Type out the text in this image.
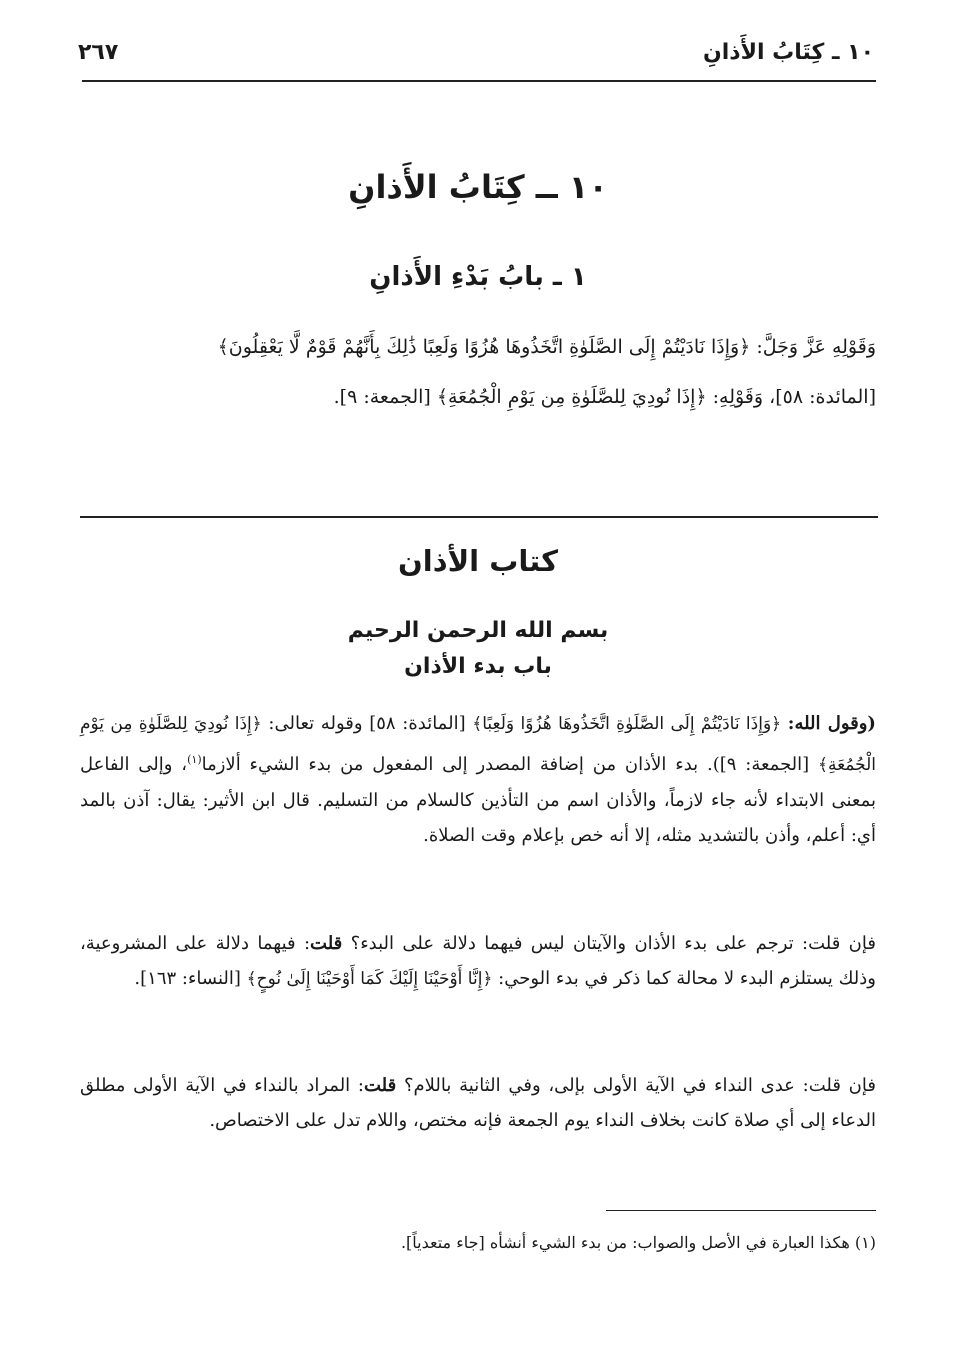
١٠ ـ كِتَابُ الأَذانِ
٢٦٧
١٠ ــ كِتَابُ الأَذانِ
١ ـ بابُ بَدْءِ الأَذانِ
وَقَوْلِهِ عَزَّ وَجَلَّ: ﴿وَإِذَا نَادَيْتُمْ إِلَى الصَّلَوٰةِ اتَّخَذُوهَا هُزُوًا وَلَعِبًا ذَٰلِكَ بِأَنَّهُمْ قَوْمٌ لَّا يَعْقِلُونَ﴾
[المائدة: ٥٨]، وَقَوْلِهِ: ﴿إِذَا نُودِيَ لِلصَّلَوٰةِ مِن يَوْمِ الْجُمُعَةِ﴾ [الجمعة: ٩].
كتاب الأذان
بسم الله الرحمن الرحيم
باب بدء الأذان
(وقول الله: ﴿وَإِذَا نَادَيْتُمْ إِلَى الصَّلَوٰةِ اتَّخَذُوهَا هُزُوًا وَلَعِبًا﴾ [المائدة: ٥٨] وقوله تعالى: ﴿إِذَا نُودِيَ لِلصَّلَوٰةِ مِن يَوْمِ الْجُمُعَةِ﴾ [الجمعة: ٩]). بدء الأذان من إضافة المصدر إلى المفعول من بدء الشيء ألازما$^{(١)}$، وإلى الفاعل بمعنى الابتداء لأنه جاء لازماً، والأذان اسم من التأذين كالسلام من التسليم. قال ابن الأثير: يقال: آذن بالمد أي: أعلم، وأذن بالتشديد مثله، إلا أنه خص بإعلام وقت الصلاة.
فإن قلت: ترجم على بدء الأذان والآيتان ليس فيهما دلالة على البدء؟ قلت: فيهما دلالة على المشروعية، وذلك يستلزم البدء لا محالة كما ذكر في بدء الوحي: ﴿إِنَّا أَوْحَيْنَا إِلَيْكَ كَمَا أَوْحَيْنَا إِلَىٰ نُوحٍ﴾ [النساء: ١٦٣].
فإن قلت: عدى النداء في الآية الأولى بإلى، وفي الثانية باللام؟ قلت: المراد بالنداء في الآية الأولى مطلق الدعاء إلى أي صلاة كانت بخلاف النداء يوم الجمعة فإنه مختص، واللام تدل على الاختصاص.
(١) هكذا العبارة في الأصل والصواب: من بدء الشيء أنشأه [جاء متعدياً].
